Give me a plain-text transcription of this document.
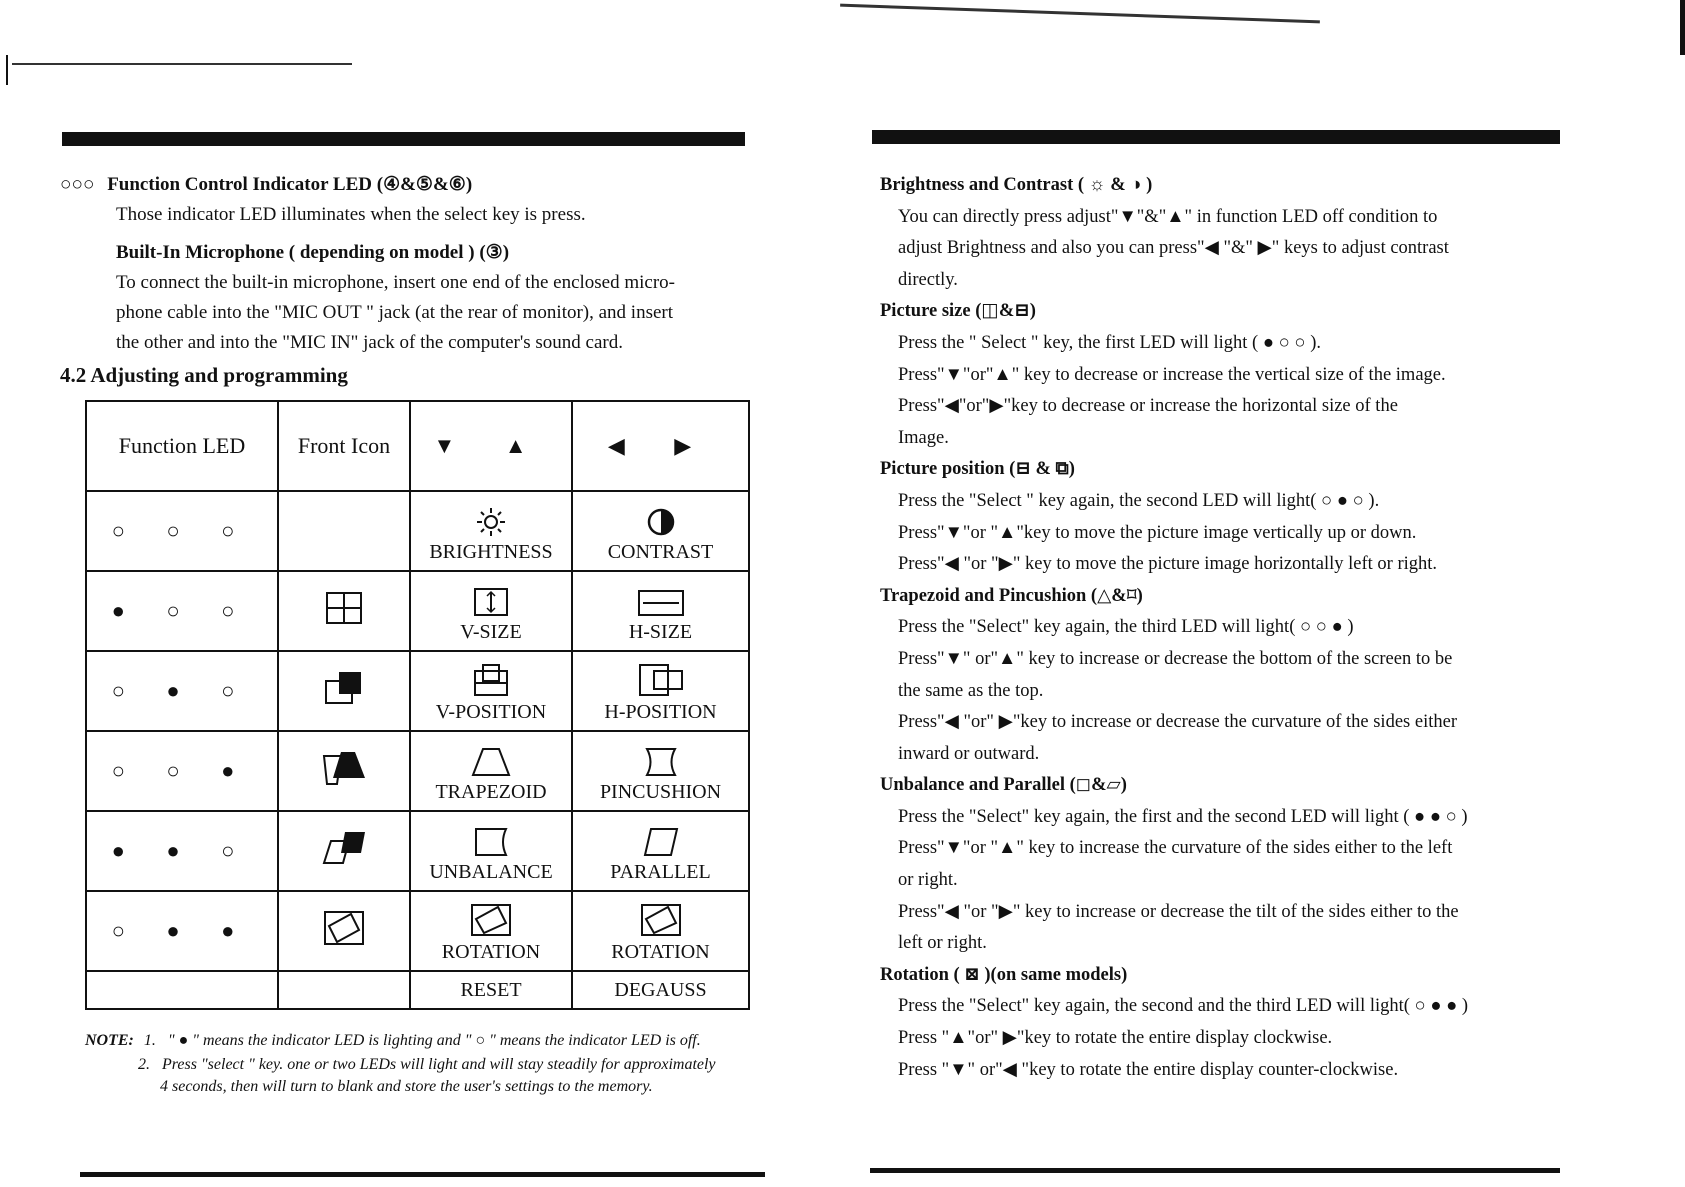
○○○ Function Control Indicator LED (④&⑤&⑥)
Those indicator LED illuminates when the select key is press.
Built-In Microphone ( depending on model ) (③)
To connect the built-in microphone, insert one end of the enclosed micro-
phone cable into the "MIC OUT " jack (at the rear of monitor), and insert
the other and into the "MIC IN" jack of the computer's sound card.
4.2 Adjusting and programming
Function LED	Front Icon	▼ ▲	◀ ▶
○ ○ ○		BRIGHTNESS	CONTRAST

● ○ ○		V-SIZE	H-SIZE

○ ● ○		V-POSITION	H-POSITION

○ ○ ●		TRAPEZOID	PINCUSHION

● ● ○		UNBALANCE	PARALLEL

○ ● ●		ROTATION	ROTATION

		RESET	DEGAUSS
NOTE: 1. " ● " means the indicator LED is lighting and " ○ " means the indicator LED is off.
2. Press "select " key. one or two LEDs will light and will stay steadily for approximately 4 seconds, then will turn to blank and store the user's settings to the memory.
Brightness and Contrast ( ☼ & ◑ )
You can directly press adjust"▼"&"▲" in function LED off condition to
adjust Brightness and also you can press"◀ "&" ▶" keys to adjust contrast
directly.
Picture size (◫&⊟)
Press the " Select " key, the first LED will light ( ● ○ ○ ).
Press"▼"or"▲" key to decrease or increase the vertical size of the image.
Press"◀"or"▶"key to decrease or increase the horizontal size of the
Image.
Picture position (⊟ & ⧉)
Press the "Select " key again, the second LED will light( ○ ● ○ ).
Press"▼"or "▲"key to move the picture image vertically up or down.
Press"◀ "or "▶" key to move the picture image horizontally left or right.
Trapezoid and Pincushion (△&⌑)
Press the "Select" key again, the third LED will light( ○ ○ ● )
Press"▼" or"▲" key to increase or decrease the bottom of the screen to be
the same as the top.
Press"◀ "or" ▶"key to increase or decrease the curvature of the sides either
inward or outward.
Unbalance and Parallel (◻&▱)
Press the "Select" key again, the first and the second LED will light ( ● ● ○ )
Press"▼"or "▲" key to increase the curvature of the sides either to the left
or right.
Press"◀ "or "▶" key to increase or decrease the tilt of the sides either to the
left or right.
Rotation ( ⊠ )(on same models)
Press the "Select" key again, the second and the third LED will light( ○ ● ● )
Press "▲"or" ▶"key to rotate the entire display clockwise.
Press "▼" or"◀ "key to rotate the entire display counter-clockwise.
